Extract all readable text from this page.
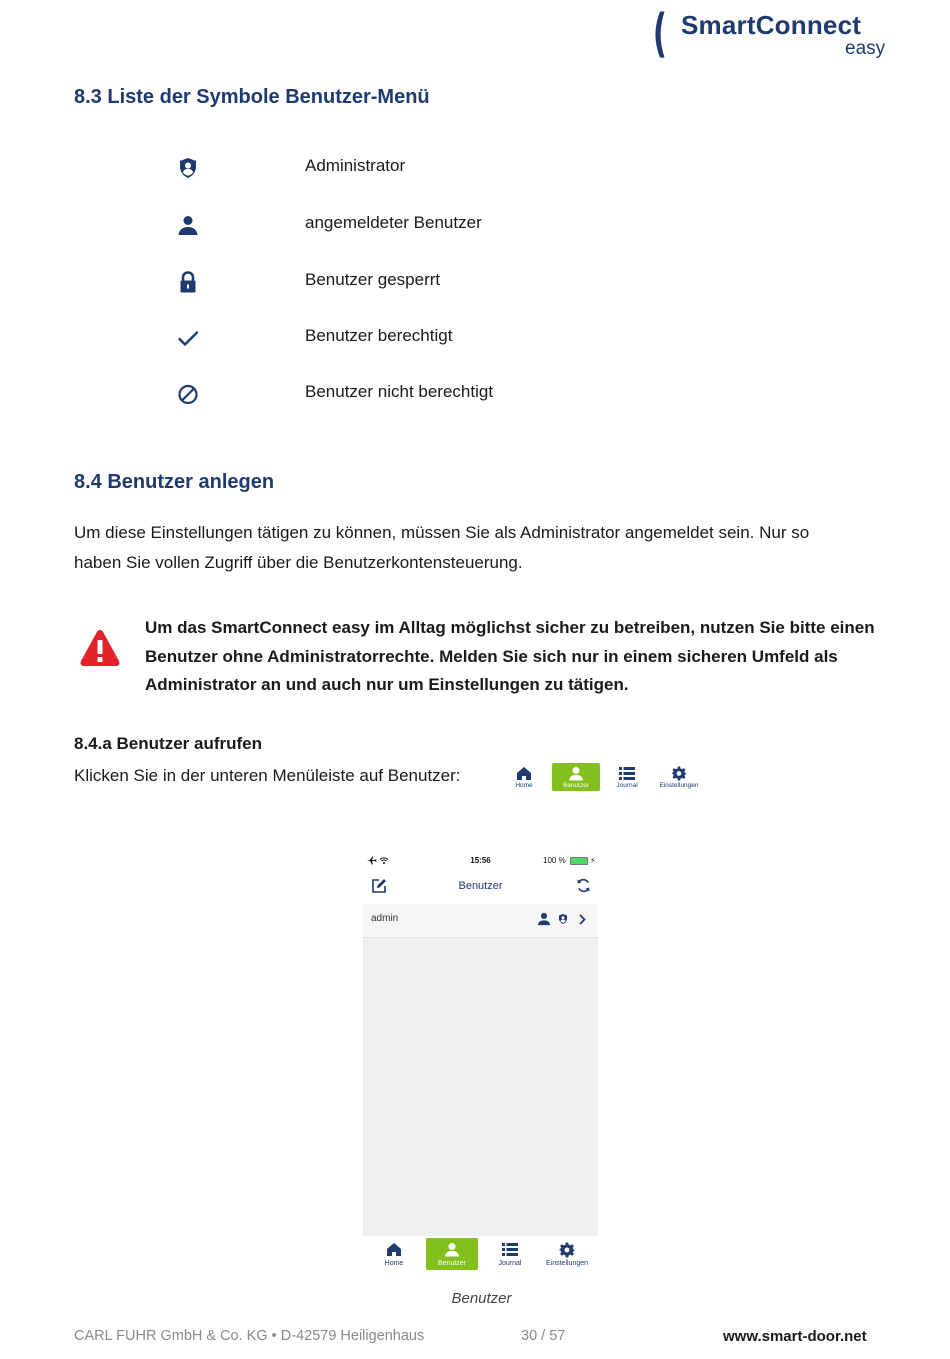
( SmartConnect
easy
8.3 Liste der Symbole Benutzer-Menü
Administrator
angemeldeter Benutzer
Benutzer gesperrt
Benutzer berechtigt
Benutzer nicht berechtigt
8.4 Benutzer anlegen
Um diese Einstellungen tätigen zu können, müssen Sie als Administrator angemeldet sein. Nur so
haben Sie vollen Zugriff über die Benutzerkontensteuerung.
Um das SmartConnect easy im Alltag möglichst sicher zu betreiben, nutzen Sie bitte einen
Benutzer ohne Administratorrechte. Melden Sie sich nur in einem sicheren Umfeld als
Administrator an und auch nur um Einstellungen zu tätigen.
8.4.a Benutzer aufrufen
Klicken Sie in der unteren Menüleiste auf Benutzer:
Home	Benutzer	Journal	Einstellungen
15:56	100 %	⚡
Benutzer
admin
Home	Benutzer	Journal	Einstellungen
Benutzer
CARL FUHR GmbH & Co. KG • D-42579 Heiligenhaus	30 / 57	www.smart-door.net
